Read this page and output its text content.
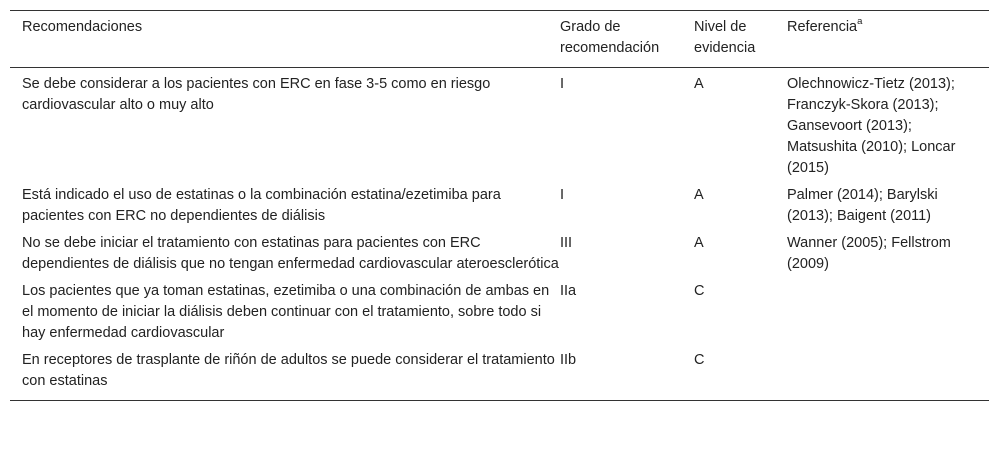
Recomendaciones	Grado de recomendación	Nivel de evidencia	Referencia$^a$
Se debe considerar a los pacientes con ERC en fase 3-5 como en riesgo cardiovascular alto o muy alto	I	A	Olechnowicz-Tietz (2013); Franczyk-Skora (2013); Gansevoort (2013); Matsushita (2010); Loncar (2015)
Está indicado el uso de estatinas o la combinación estatina/ezetimiba para pacientes con ERC no dependientes de diálisis	I	A	Palmer (2014); Barylski (2013); Baigent (2011)
No se debe iniciar el tratamiento con estatinas para pacientes con ERC dependientes de diálisis que no tengan enfermedad cardiovascular ateroesclerótica	III	A	Wanner (2005); Fellstrom (2009)
Los pacientes que ya toman estatinas, ezetimiba o una combinación de ambas en el momento de iniciar la diálisis deben continuar con el tratamiento, sobre todo si hay enfermedad cardiovascular	IIa	C	
En receptores de trasplante de riñón de adultos se puede considerar el tratamiento con estatinas	IIb	C	
